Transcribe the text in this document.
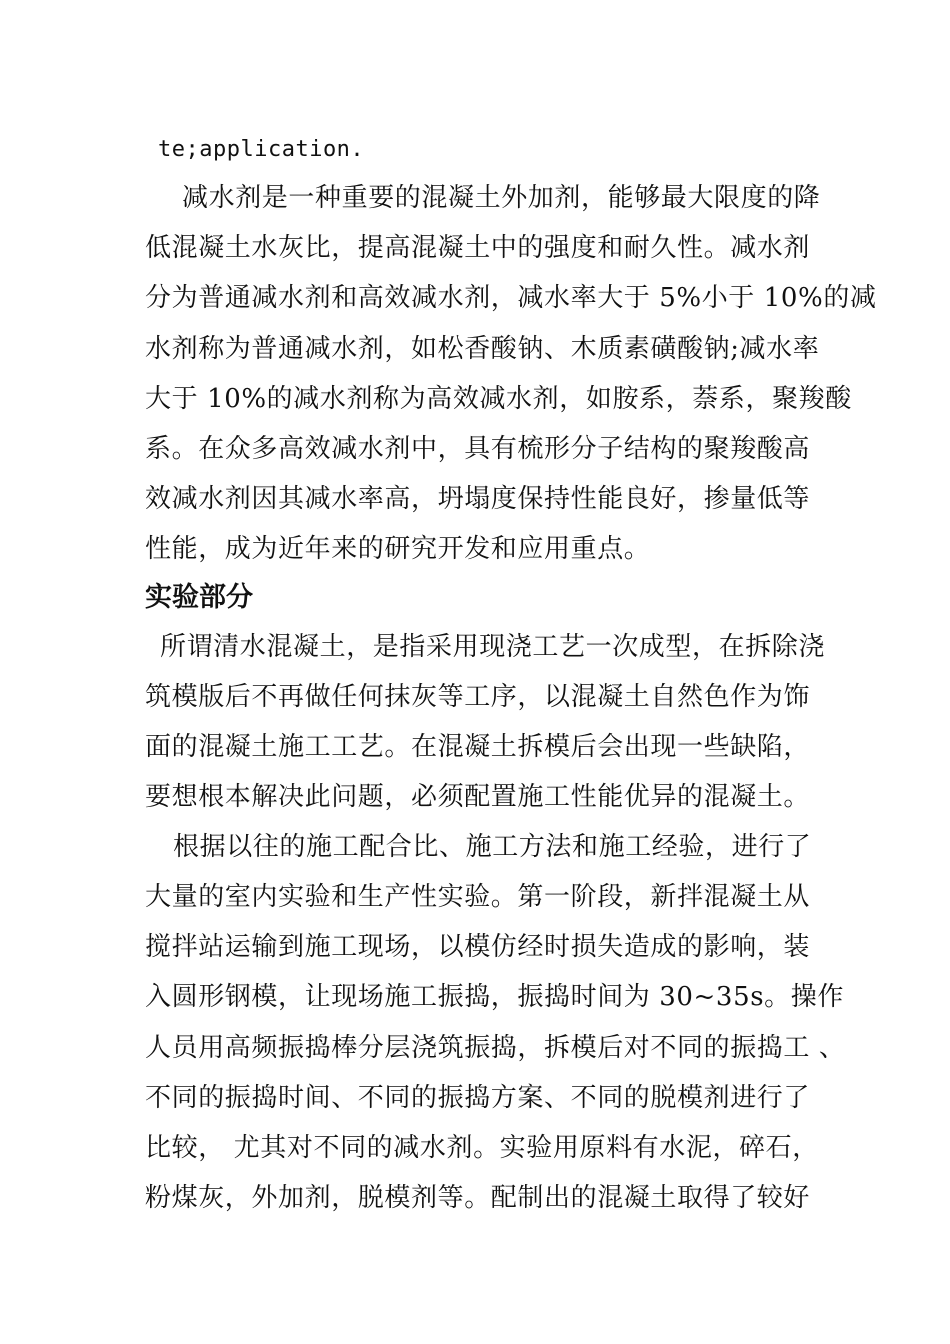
te;application.
减水剂是一种重要的混凝土外加剂，能够最大限度的降
低混凝土水灰比，提高混凝土中的强度和耐久性。减水剂
分为普通减水剂和高效减水剂，减水率大于 5%小于 10%的减
水剂称为普通减水剂，如松香酸钠、木质素磺酸钠;减水率
大于 10%的减水剂称为高效减水剂，如胺系，萘系，聚羧酸
系。在众多高效减水剂中，具有梳形分子结构的聚羧酸高
效减水剂因其减水率高，坍塌度保持性能良好，掺量低等
性能，成为近年来的研究开发和应用重点。
实验部分
所谓清水混凝土，是指采用现浇工艺一次成型，在拆除浇
筑模版后不再做任何抹灰等工序，以混凝土自然色作为饰
面的混凝土施工工艺。在混凝土拆模后会出现一些缺陷，
要想根本解决此问题，必须配置施工性能优异的混凝土。
根据以往的施工配合比、施工方法和施工经验，进行了
大量的室内实验和生产性实验。第一阶段，新拌混凝土从
搅拌站运输到施工现场，以模仿经时损失造成的影响，装
入圆形钢模，让现场施工振捣，振捣时间为 30~35s。操作
人员用高频振捣棒分层浇筑振捣，拆模后对不同的振捣工 、
不同的振捣时间、不同的振捣方案、不同的脱模剂进行了
比较， 尤其对不同的减水剂。实验用原料有水泥，碎石，
粉煤灰，外加剂，脱模剂等。配制出的混凝土取得了较好
